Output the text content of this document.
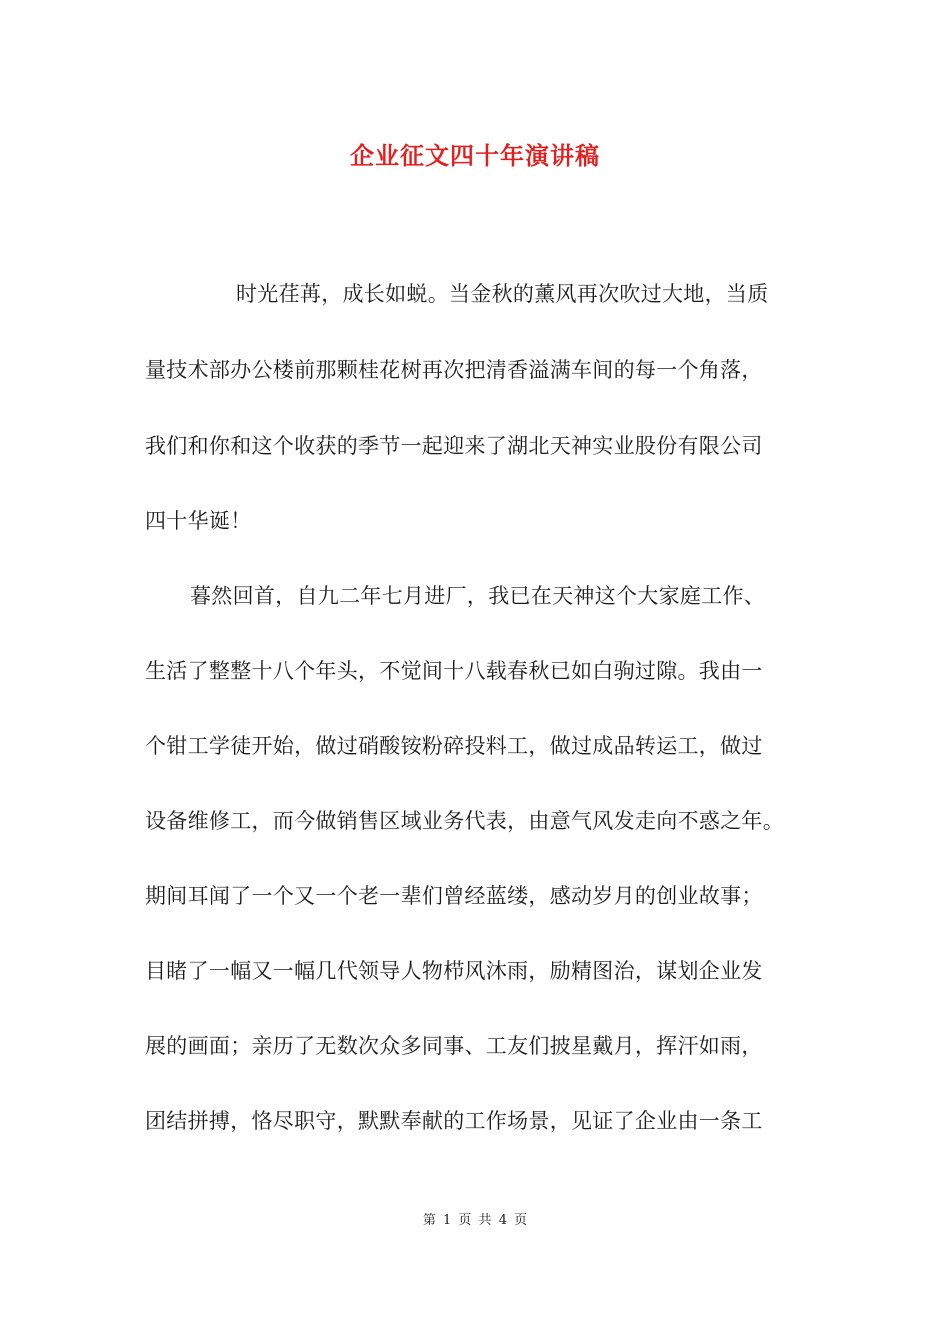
企业征文四十年演讲稿
时光荏苒，成长如蜕。当金秋的薰风再次吹过大地，当质
量技术部办公楼前那颗桂花树再次把清香溢满车间的每一个角落，
我们和你和这个收获的季节一起迎来了湖北天神实业股份有限公司
四十华诞！
暮然回首，自九二年七月进厂，我已在天神这个大家庭工作、
生活了整整十八个年头，不觉间十八载春秋已如白驹过隙。我由一
个钳工学徒开始，做过硝酸铵粉碎投料工，做过成品转运工，做过
设备维修工，而今做销售区域业务代表，由意气风发走向不惑之年。
期间耳闻了一个又一个老一辈们曾经蓝缕，感动岁月的创业故事；
目睹了一幅又一幅几代领导人物栉风沐雨，励精图治，谋划企业发
展的画面；亲历了无数次众多同事、工友们披星戴月，挥汗如雨，
团结拼搏，恪尽职守，默默奉献的工作场景，见证了企业由一条工
第 1 页 共 4 页
